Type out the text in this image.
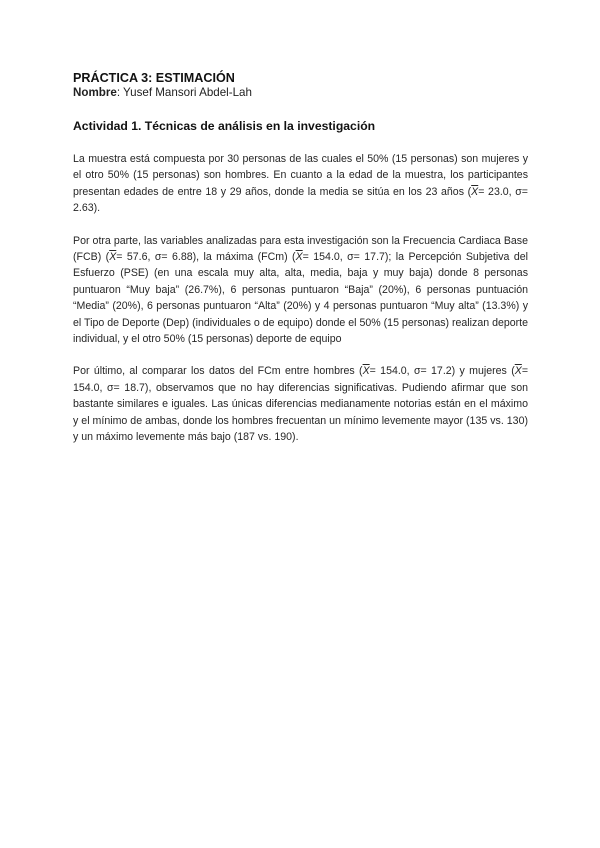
PRÁCTICA 3: ESTIMACIÓN

Nombre: Yusef Mansori Abdel-Lah

Actividad 1. Técnicas de análisis en la investigación

La muestra está compuesta por 30 personas de las cuales el 50% (15 personas) son mujeres y el otro 50% (15 personas) son hombres. En cuanto a la edad de la muestra, los participantes presentan edades de entre 18 y 29 años, donde la media se sitúa en los 23 años ($\overline{X}= 23.0$, σ= 2.63).

Por otra parte, las variables analizadas para esta investigación son la Frecuencia Cardiaca Base (FCB) ($\overline{X}= 57.6$, σ= 6.88), la máxima (FCm) ($\overline{X}= 154.0$, σ= 17.7); la Percepción Subjetiva del Esfuerzo (PSE) (en una escala muy alta, alta, media, baja y muy baja) donde 8 personas puntuaron “Muy baja” (26.7%), 6 personas puntuaron “Baja” (20%), 6 personas puntuación “Media” (20%), 6 personas puntuaron “Alta” (20%) y 4 personas puntuaron “Muy alta” (13.3%) y el Tipo de Deporte (Dep) (individuales o de equipo) donde el 50% (15 personas) realizan deporte individual, y el otro 50% (15 personas) deporte de equipo

Por último, al comparar los datos del FCm entre hombres ($\overline{X}= 154.0$, σ= 17.2) y mujeres ($\overline{X}= 154.0$, σ= 18.7), observamos que no hay diferencias significativas. Pudiendo afirmar que son bastante similares e iguales. Las únicas diferencias medianamente notorias están en el máximo y el mínimo de ambas, donde los hombres frecuentan un mínimo levemente mayor (135 vs. 130) y un máximo levemente más bajo (187 vs. 190).
